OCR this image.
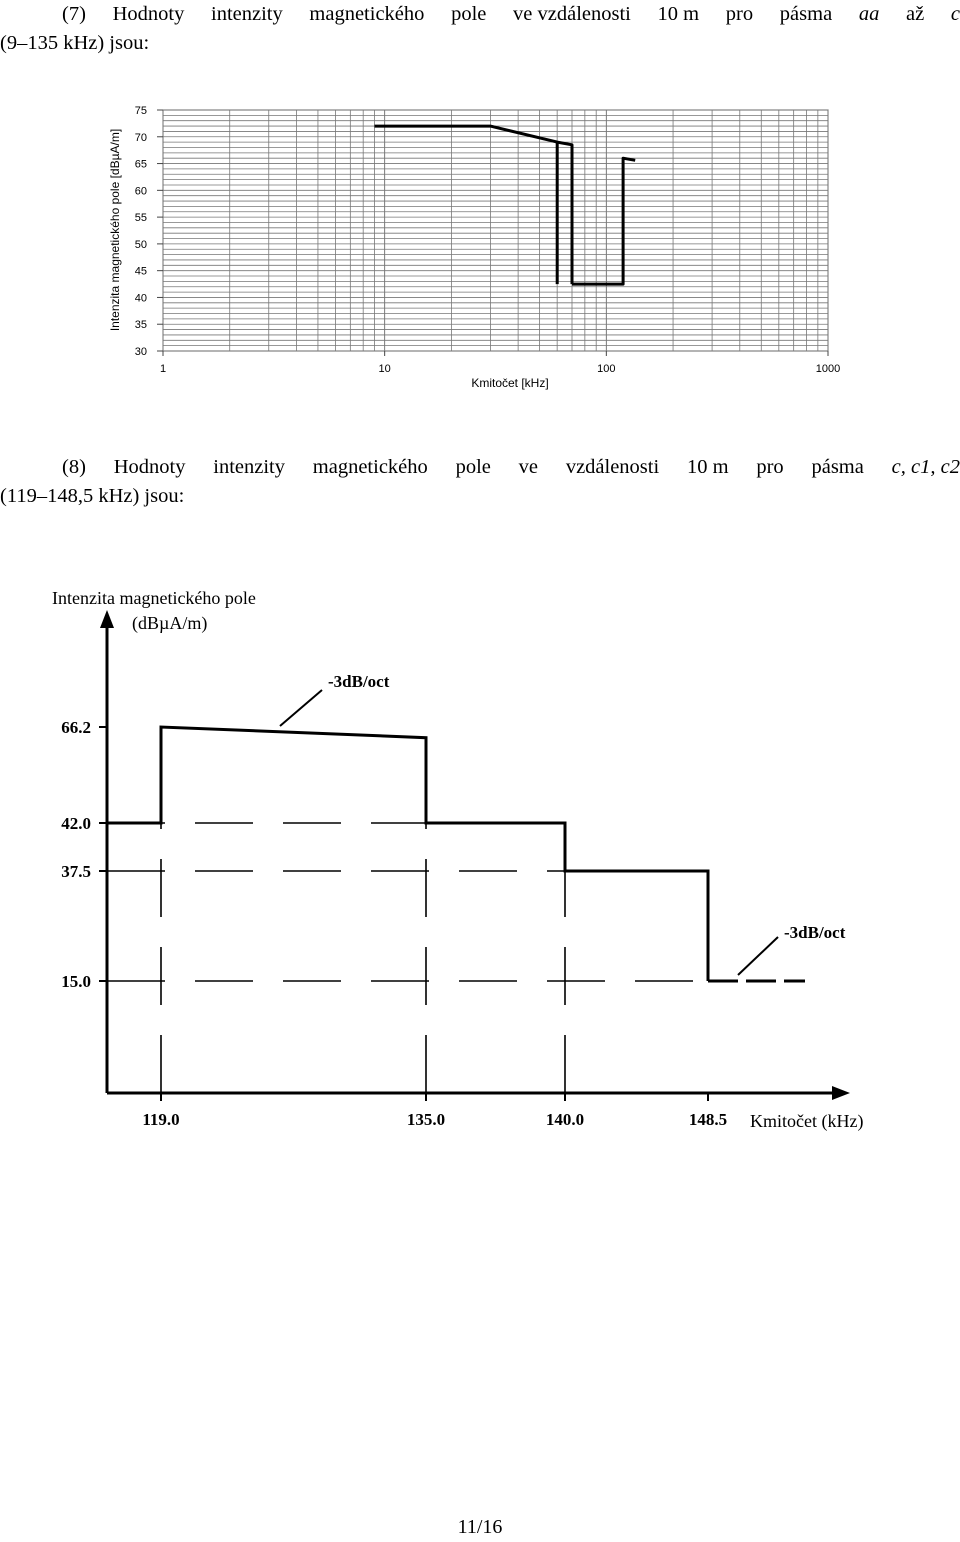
(7) Hodnoty intenzity magnetického pole ve vzdálenosti 10 m pro pásma aa až c
(9–135 kHz) jsou:
30
35
40
45
50
55
60
65
70
75
1	10	100	1000
Kmitočet [kHz]
Intenzita magnetického pole [dBµA/m]
(8) Hodnoty intenzity magnetického pole ve vzdálenosti 10 m pro pásma c, c1, c2
(119–148,5 kHz) jsou:
66.2
42.0
37.5
15.0
119.0	135.0	140.0	148.5
-3dB/oct
-3dB/oct
Intenzita magnetického pole
(dBµA/m)
Kmitočet (kHz)
11/16
